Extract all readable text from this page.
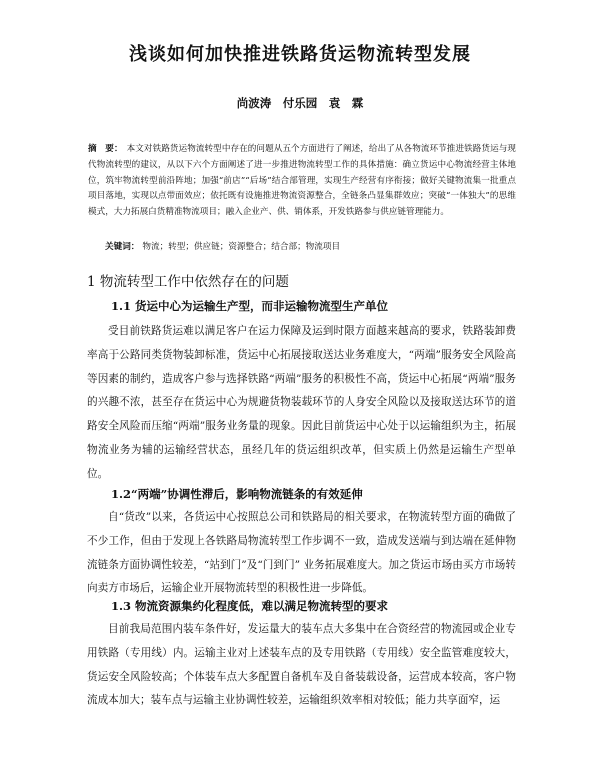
浅谈如何加快推进铁路货运物流转型发展
尚波涛　付乐园　袁　霖
摘　要： 本文对铁路货运物流转型中存在的问题从五个方面进行了阐述，给出了从各物流环节推进铁路货运与现代物流转型的建议，从以下六个方面阐述了进一步推进物流转型工作的具体措施：确立货运中心物流经营主体地位，筑牢物流转型前沿阵地；加强“前店”“后场”结合部管理，实现生产经营有序衔接；做好关键物流集一批重点项目落地，实现以点带面效应；依托既有设施推进物流资源整合，全链条凸显集群效应；突破“一体独大”的思维模式，大力拓展白货精准物流项目；融入企业产、供、销体系，开发铁路参与供应链管理能力。
关键词： 物流；转型；供应链；资源整合；结合部；物流项目
1 物流转型工作中依然存在的问题
1.1 货运中心为运输生产型，而非运输物流型生产单位
受目前铁路货运难以满足客户在运力保障及运到时限方面越来越高的要求，铁路装卸费率高于公路同类货物装卸标准，货运中心拓展接取送达业务难度大，“两端”服务安全风险高等因素的制约，造成客户参与选择铁路“两端”服务的积极性不高，货运中心拓展“两端”服务的兴趣不浓，甚至存在货运中心为规避货物装载环节的人身安全风险以及接取送达环节的道路安全风险而压缩“两端”服务业务量的现象。因此目前货运中心处于以运输组织为主，拓展物流业务为辅的运输经营状态，虽经几年的货运组织改革，但实质上仍然是运输生产型单位。
1.2“两端”协调性滞后，影响物流链条的有效延伸
自“货改”以来，各货运中心按照总公司和铁路局的相关要求，在物流转型方面的确做了不少工作，但由于发现上各铁路局物流转型工作步调不一致，造成发送端与到达端在延伸物流链条方面协调性较差，“站到门”及“门到门” 业务拓展难度大。加之货运市场由买方市场转向卖方市场后，运输企业开展物流转型的积极性进一步降低。
1.3 物流资源集约化程度低，难以满足物流转型的要求
目前我局范围内装车条件好，发运量大的装车点大多集中在合资经营的物流园或企业专用铁路（专用线）内。运输主业对上述装车点的及专用铁路（专用线）安全监管难度较大，货运安全风险较高；个体装车点大多配置自备机车及自备装载设备，运营成本较高，客户物流成本加大；装车点与运输主业协调性较差，运输组织效率相对较低；能力共享面窄，运
